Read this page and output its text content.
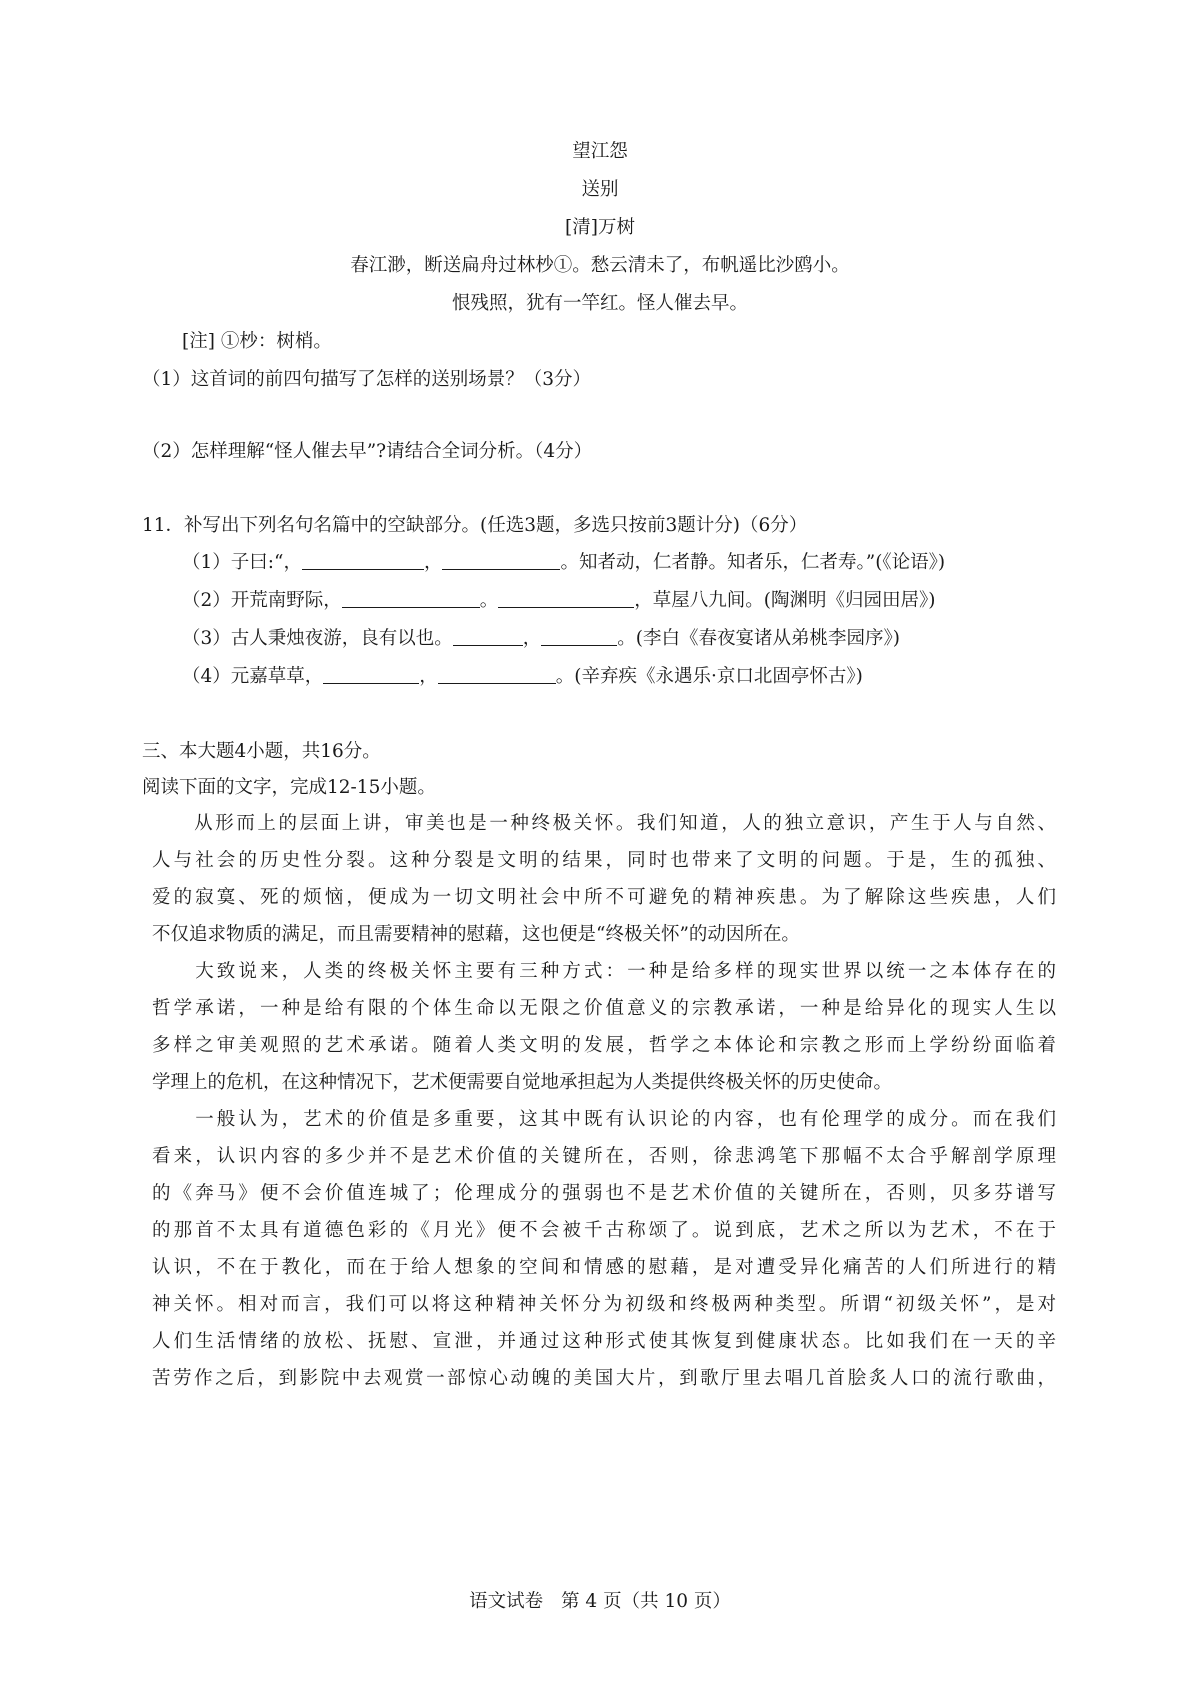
望江怨
送别
[清]万树
春江渺，断送扁舟过林杪①。愁云清未了，布帆遥比沙鸥小。
恨残照，犹有一竿红。怪人催去早。
[注] ①杪：树梢。
（1）这首词的前四句描写了怎样的送别场景？（3分）
（2）怎样理解“怪人催去早”?请结合全词分析。（4分）
11．补写出下列名句名篇中的空缺部分。(任选3题，多选只按前3题计分)（6分）
（1）子曰:“，	，	。知者动，仁者静。知者乐，仁者寿。”(《论语》)
（2）开荒南野际，	。	，草屋八九间。(陶渊明《归园田居》)
（3）古人秉烛夜游，良有以也。	，	。(李白《春夜宴诸从弟桃李园序》)
（4）元嘉草草，	，	。(辛弃疾《永遇乐·京口北固亭怀古》)
三、本大题4小题，共16分。
阅读下面的文字，完成12-15小题。
　　从形而上的层面上讲，审美也是一种终极关怀。我们知道，人的独立意识，产生于人与自然、
人与社会的历史性分裂。这种分裂是文明的结果，同时也带来了文明的问题。于是，生的孤独、
爱的寂寞、死的烦恼，便成为一切文明社会中所不可避免的精神疾患。为了解除这些疾患，人们
不仅追求物质的满足，而且需要精神的慰藉，这也便是“终极关怀”的动因所在。
　　大致说来，人类的终极关怀主要有三种方式：一种是给多样的现实世界以统一之本体存在的
哲学承诺，一种是给有限的个体生命以无限之价值意义的宗教承诺，一种是给异化的现实人生以
多样之审美观照的艺术承诺。随着人类文明的发展，哲学之本体论和宗教之形而上学纷纷面临着
学理上的危机，在这种情况下，艺术便需要自觉地承担起为人类提供终极关怀的历史使命。
　　一般认为，艺术的价值是多重要，这其中既有认识论的内容，也有伦理学的成分。而在我们
看来，认识内容的多少并不是艺术价值的关键所在，否则，徐悲鸿笔下那幅不太合乎解剖学原理
的《奔马》便不会价值连城了；伦理成分的强弱也不是艺术价值的关键所在，否则，贝多芬谱写
的那首不太具有道德色彩的《月光》便不会被千古称颂了。说到底，艺术之所以为艺术，不在于
认识，不在于教化，而在于给人想象的空间和情感的慰藉，是对遭受异化痛苦的人们所进行的精
神关怀。相对而言，我们可以将这种精神关怀分为初级和终极两种类型。所谓“初级关怀”，是对
人们生活情绪的放松、抚慰、宣泄，并通过这种形式使其恢复到健康状态。比如我们在一天的辛
苦劳作之后，到影院中去观赏一部惊心动魄的美国大片，到歌厅里去唱几首脍炙人口的流行歌曲，
语文试卷 第 4 页（共 10 页）
